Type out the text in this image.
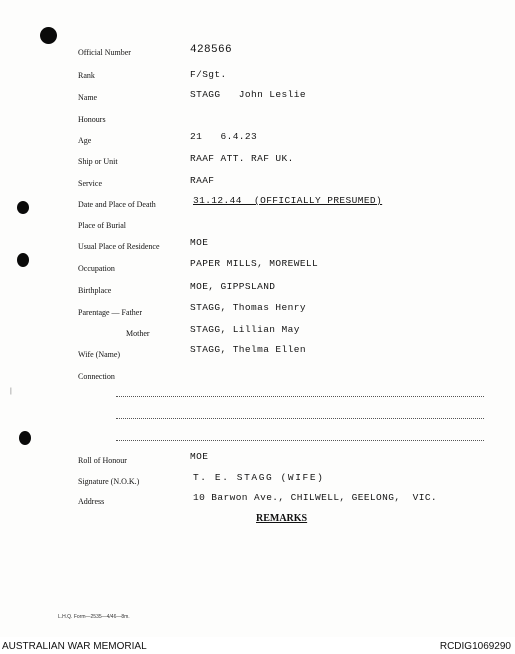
|
Official Number	428566
Rank	F/Sgt.
Name	STAGG   John Leslie
Honours
Age	21   6.4.23
Ship or Unit	RAAF ATT. RAF UK.
Service	RAAF
Date and Place of Death	31.12.44  (OFFICIALLY PRESUMED)
Place of Burial
Usual Place of Residence	MOE
Occupation	PAPER MILLS, MOREWELL
Birthplace	MOE, GIPPSLAND
Parentage — Father	STAGG, Thomas Henry
Mother	STAGG, Lillian May
Wife (Name)	STAGG, Thelma Ellen
Connection
Roll of Honour	MOE
Signature (N.O.K.)	T. E. STAGG (WIFE)
Address	10 Barwon Ave., CHILWELL, GEELONG,  VIC.
REMARKS
L.H.Q. Form—2535—4/46—8m.
AUSTRALIAN WAR MEMORIAL	RCDIG1069290
